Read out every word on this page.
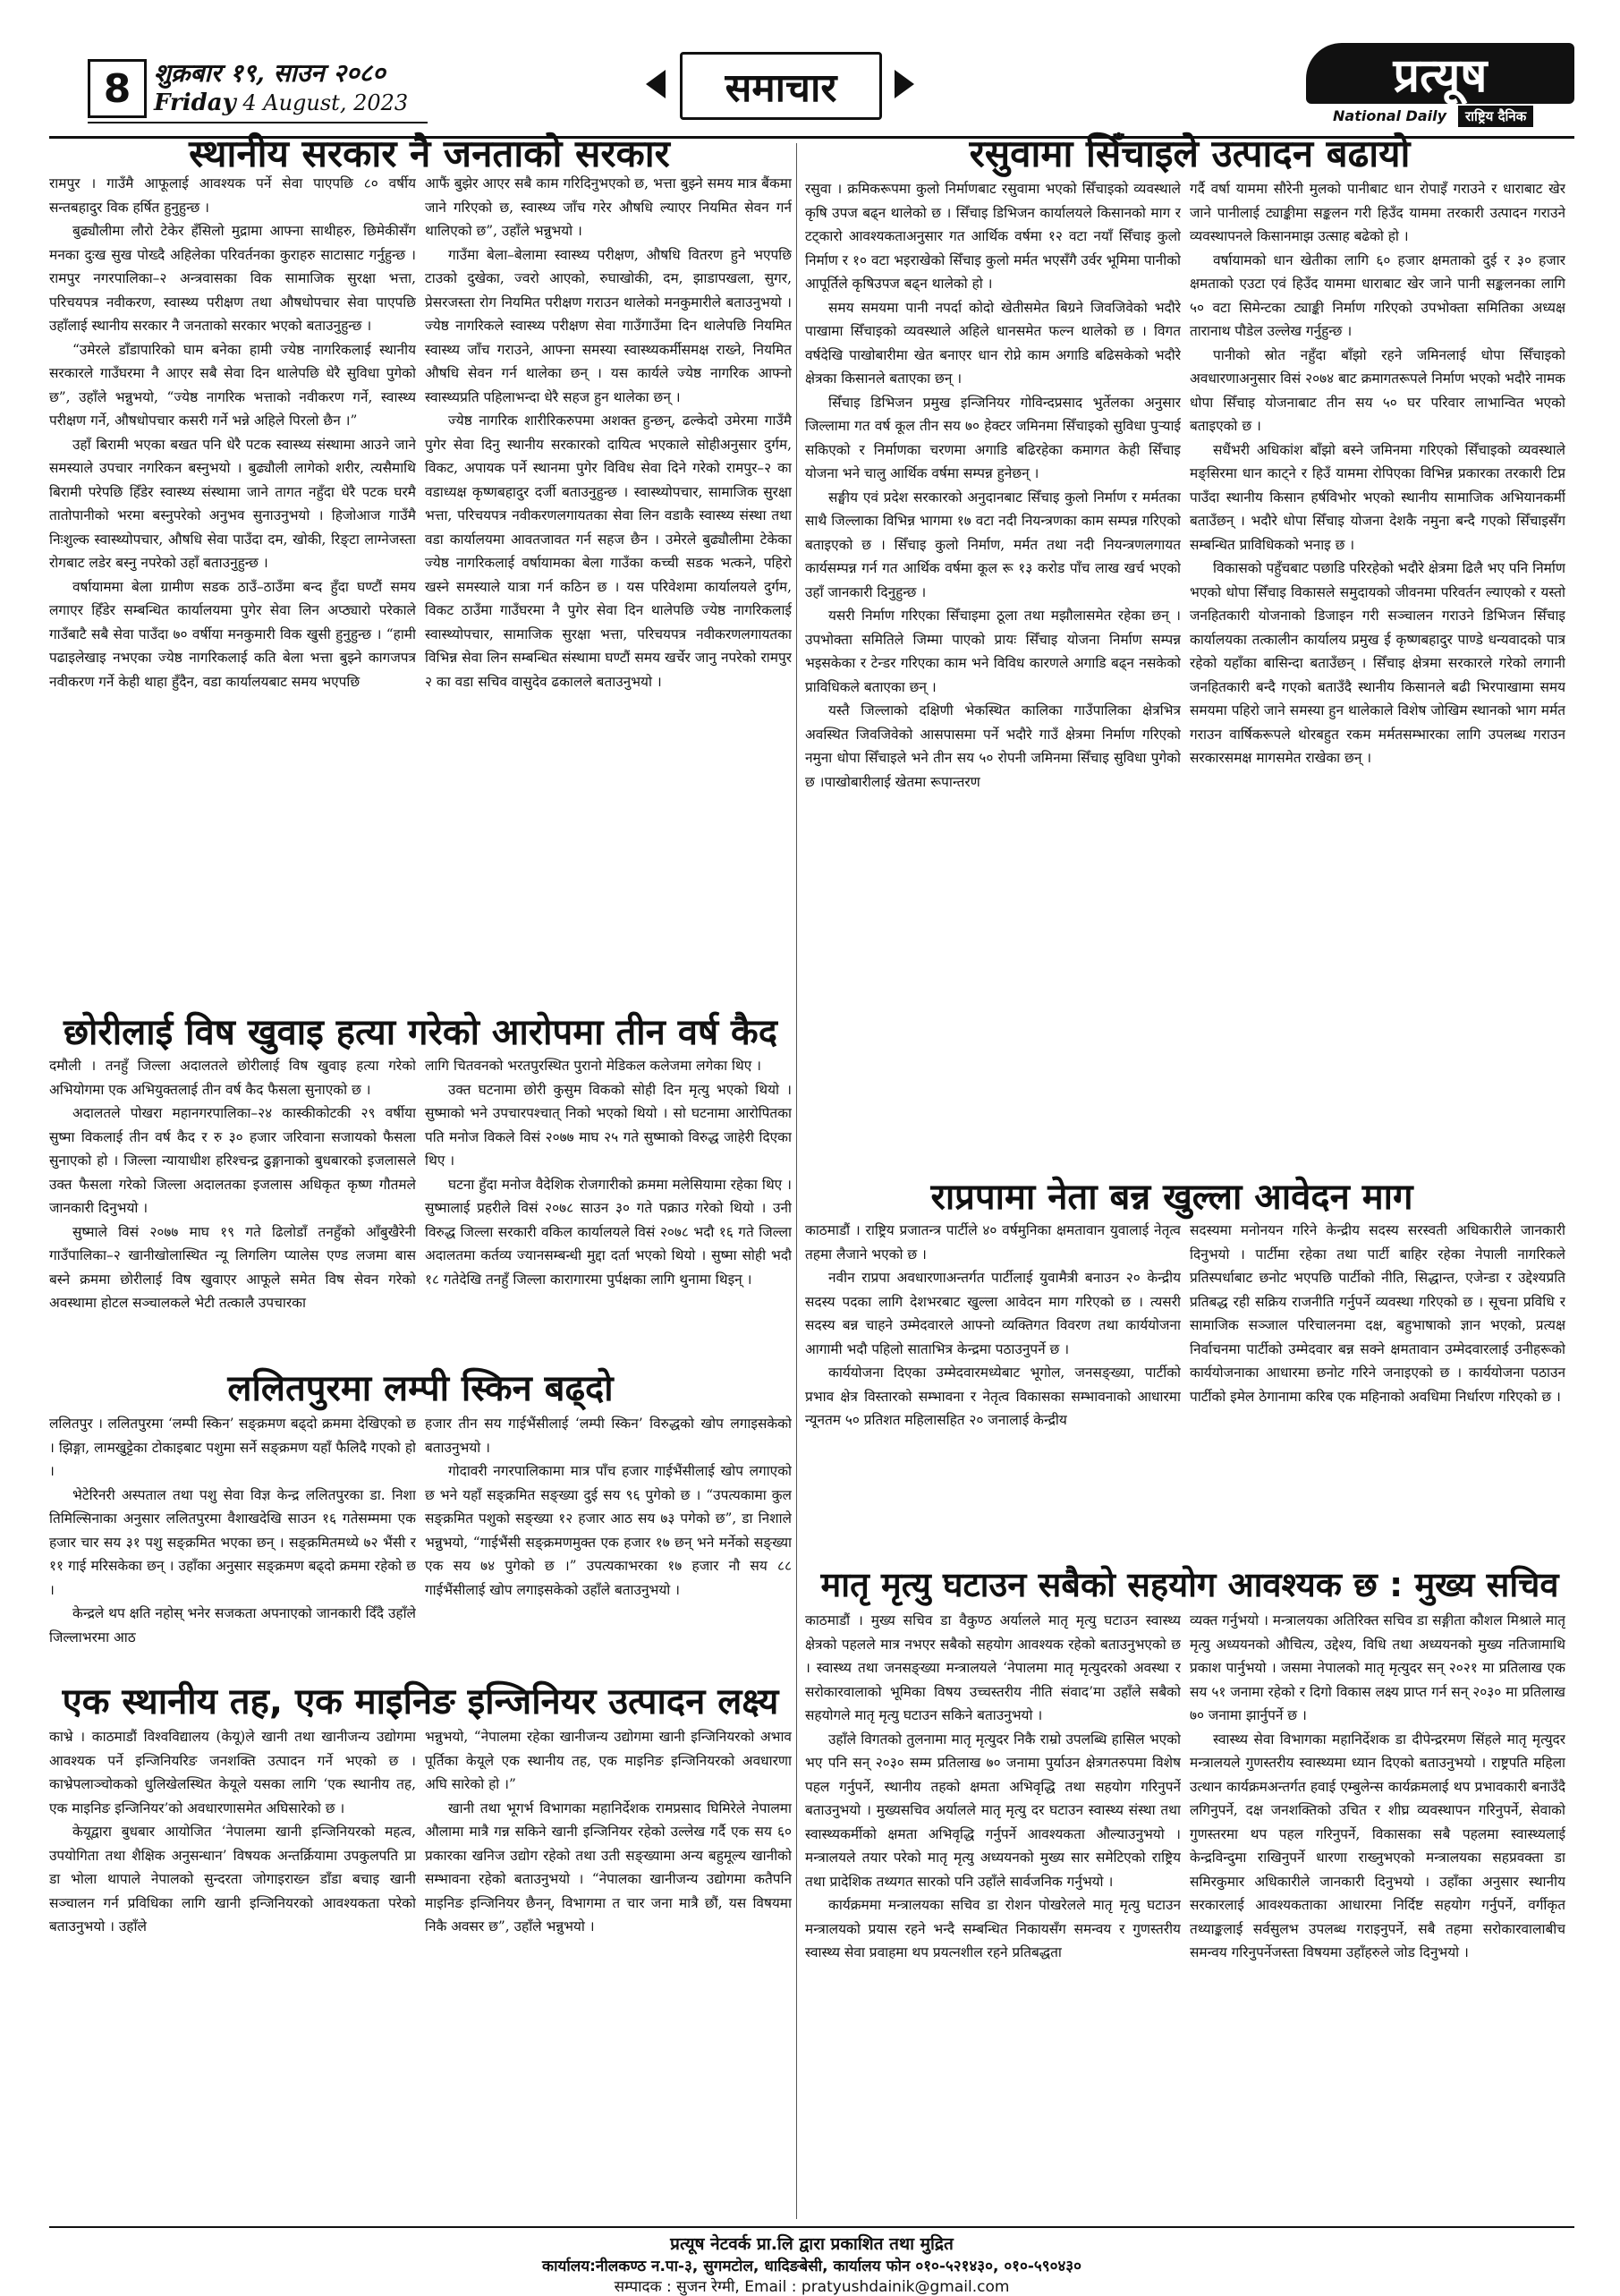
8 शुक्रबार १९, साउन २०८०
Friday 4 August, 2023	समाचार	प्रत्यूष
National Daily	राष्ट्रिय दैनिक
स्थानीय सरकार नै जनताको सरकार

रामपुर । गाउँमै आफूलाई आवश्यक पर्ने सेवा पाएपछि ८० वर्षीय सन्तबहादुर विक हर्षित हुनुहुन्छ ।

बुढ्यौलीमा लौरो टेकेर हँसिलो मुद्रामा आफ्ना साथीहरु, छिमेकीसँग मनका दुःख सुख पोख्दै अहिलेका परिवर्तनका कुराहरु साटासाट गर्नुहुन्छ । रामपुर नगरपालिका–२ अन्त्रवासका विक सामाजिक सुरक्षा भत्ता, परिचयपत्र नवीकरण, स्वास्थ्य परीक्षण तथा औषधोपचार सेवा पाएपछि उहाँलाई स्थानीय सरकार नै जनताको सरकार भएको बताउनुहुन्छ ।

“उमेरले डाँडापारिको घाम बनेका हामी ज्येष्ठ नागरिकलाई स्थानीय सरकारले गाउँघरमा नै आएर सबै सेवा दिन थालेपछि धेरै सुविधा पुगेको छ”, उहाँले भन्नुभयो, “ज्येष्ठ नागरिक भत्ताको नवीकरण गर्ने, स्वास्थ्य परीक्षण गर्ने, औषधोपचार कसरी गर्ने भन्ने अहिले पिरलो छैन ।”

उहाँ बिरामी भएका बखत पनि धेरै पटक स्वास्थ्य संस्थामा आउने जाने समस्याले उपचार नगरिकन बस्नुभयो । बुढ्यौली लागेको शरीर, त्यसैमाथि बिरामी परेपछि हिँडेर स्वास्थ्य संस्थामा जाने तागत नहुँदा धेरै पटक घरमै तातोपानीको भरमा बस्नुपरेको अनुभव सुनाउनुभयो । हिजोआज गाउँमै निःशुल्क स्वास्थ्योपचार, औषधि सेवा पाउँदा दम, खोकी, रिङ्टा लाग्नेजस्ता रोगबाट लडेर बस्नु नपरेको उहाँ बताउनुहुन्छ ।

वर्षायाममा बेला ग्रामीण सडक ठाउँ–ठाउँमा बन्द हुँदा घण्टौं समय लगाएर हिँडेर सम्बन्धित कार्यालयमा पुगेर सेवा लिन अप्ठ्यारो परेकाले गाउँबाटै सबै सेवा पाउँदा ७० वर्षीया मनकुमारी विक खुसी हुनुहुन्छ । “हामी पढाइलेखाइ नभएका ज्येष्ठ नागरिकलाई कति बेला भत्ता बुझ्ने कागजपत्र नवीकरण गर्ने केही थाहा हुँदैन, वडा कार्यालयबाट समय भएपछि

आफैं बुझेर आएर सबै काम गरिदिनुभएको छ, भत्ता बुझ्ने समय मात्र बैंकमा जाने गरिएको छ, स्वास्थ्य जाँच गरेर औषधि ल्याएर नियमित सेवन गर्न थालिएको छ”, उहाँले भन्नुभयो ।

गाउँमा बेला–बेलामा स्वास्थ्य परीक्षण, औषधि वितरण हुने भएपछि टाउको दुखेका, ज्वरो आएको, रुघाखोकी, दम, झाडापखला, सुगर, प्रेसरजस्ता रोग नियमित परीक्षण गराउन थालेको मनकुमारीले बताउनुभयो । ज्येष्ठ नागरिकले स्वास्थ्य परीक्षण सेवा गाउँगाउँमा दिन थालेपछि नियमित स्वास्थ्य जाँच गराउने, आफ्ना समस्या स्वास्थ्यकर्मीसमक्ष राख्ने, नियमित औषधि सेवन गर्न थालेका छन् । यस कार्यले ज्येष्ठ नागरिक आफ्नो स्वास्थ्यप्रति पहिलाभन्दा धेरै सहज हुन थालेका छन् ।

ज्येष्ठ नागरिक शारीरिकरुपमा अशक्त हुन्छन्, ढल्केदो उमेरमा गाउँमै पुगेर सेवा दिनु स्थानीय सरकारको दायित्व भएकाले सोहीअनुसार दुर्गम, विकट, अपायक पर्ने स्थानमा पुगेर विविध सेवा दिने गरेको रामपुर–२ का वडाध्यक्ष कृष्णबहादुर दर्जी बताउनुहुन्छ । स्वास्थ्योपचार, सामाजिक सुरक्षा भत्ता, परिचयपत्र नवीकरणलगायतका सेवा लिन वडाकै स्वास्थ्य संस्था तथा वडा कार्यालयमा आवतजावत गर्न सहज छैन । उमेरले बुढ्यौलीमा टेकेका ज्येष्ठ नागरिकलाई वर्षायामका बेला गाउँका कच्ची सडक भत्कने, पहिरो खस्ने समस्याले यात्रा गर्न कठिन छ । यस परिवेशमा कार्यालयले दुर्गम, विकट ठाउँमा गाउँघरमा नै पुगेर सेवा दिन थालेपछि ज्येष्ठ नागरिकलाई स्वास्थ्योपचार, सामाजिक सुरक्षा भत्ता, परिचयपत्र नवीकरणलगायतका विभिन्न सेवा लिन सम्बन्धित संस्थामा घण्टौं समय खर्चेर जानु नपरेको रामपुर २ का वडा सचिव वासुदेव ढकालले बताउनुभयो ।

छोरीलाई विष खुवाइ हत्या गरेको आरोपमा तीन वर्ष कैद

दमौली । तनहुँ जिल्ला अदालतले छोरीलाई विष खुवाइ हत्या गरेको अभियोगमा एक अभियुक्तलाई तीन वर्ष कैद फैसला सुनाएको छ ।

अदालतले पोखरा महानगरपालिका–२४ कास्कीकोटकी २९ वर्षीया सुष्मा विकलाई तीन वर्ष कैद र रु ३० हजार जरिवाना सजायको फैसला सुनाएको हो । जिल्ला न्यायाधीश हरिश्चन्द्र ढुङ्गानाको बुधबारको इजलासले उक्त फैसला गरेको जिल्ला अदालतका इजलास अधिकृत कृष्ण गौतमले जानकारी दिनुभयो ।

सुष्माले विसं २०७७ माघ १९ गते ढिलोडाँ तनहुँको आँबुखैरेनी गाउँपालिका–२ खानीखोलास्थित न्यू लिगलिग प्यालेस एण्ड लजमा बास बस्ने क्रममा छोरीलाई विष खुवाएर आफूले समेत विष सेवन गरेको अवस्थामा होटल सञ्चालकले भेटी तत्कालै उपचारका

लागि चितवनको भरतपुरस्थित पुरानो मेडिकल कलेजमा लगेका थिए ।

उक्त घटनामा छोरी कुसुम विकको सोही दिन मृत्यु भएको थियो । सुष्माको भने उपचारपश्चात् निको भएको थियो । सो घटनामा आरोपितका पति मनोज विकले विसं २०७७ माघ २५ गते सुष्माको विरुद्ध जाहेरी दिएका थिए ।

घटना हुँदा मनोज वैदेशिक रोजगारीको क्रममा मलेसियामा रहेका थिए । सुष्मालाई प्रहरीले विसं २०७८ साउन ३० गते पक्राउ गरेको थियो । उनी विरुद्ध जिल्ला सरकारी वकिल कार्यालयले विसं २०७८ भदौ १६ गते जिल्ला अदालतमा कर्तव्य ज्यानसम्बन्धी मुद्दा दर्ता भएको थियो । सुष्मा सोही भदौ १८ गतेदेखि तनहुँ जिल्ला कारागारमा पुर्पक्षका लागि थुनामा थिइन् ।

ललितपुरमा लम्पी स्किन बढ्दो

ललितपुर । ललितपुरमा ‘लम्पी स्किन’ सङ्क्रमण बढ्दो क्रममा देखिएको छ । झिङ्गा, लामखुट्टेका टोकाइबाट पशुमा सर्ने सङ्क्रमण यहाँ फैलिदै गएको हो ।

भेटेरिनरी अस्पताल तथा पशु सेवा विज्ञ केन्द्र ललितपुरका डा. निशा तिमिल्सिनाका अनुसार ललितपुरमा वैशाखदेखि साउन १६ गतेसम्ममा एक हजार चार सय ३१ पशु सङ्क्रमित भएका छन् । सङ्क्रमितमध्ये ७२ भैंसी र ११ गाई मरिसकेका छन् । उहाँका अनुसार सङ्क्रमण बढ्दो क्रममा रहेको छ ।

केन्द्रले थप क्षति नहोस् भनेर सजकता अपनाएको जानकारी दिँदै उहाँले जिल्लाभरमा आठ

हजार तीन सय गाईभैंसीलाई ‘लम्पी स्किन’ विरुद्धको खोप लगाइसकेको बताउनुभयो ।

गोदावरी नगरपालिकामा मात्र पाँच हजार गाईभैंसीलाई खोप लगाएको छ भने यहाँ सङ्क्रमित सङ्ख्या दुई सय ९६ पुगेको छ । “उपत्यकामा कुल सङ्क्रमित पशुको सङ्ख्या १२ हजार आठ सय ७३ पगेको छ”, डा निशाले भन्नुभयो, “गाईभैंसी सङ्क्रमणमुक्त एक हजार १७ छन् भने मर्नेको सङ्ख्या एक सय ७४ पुगेको छ ।” उपत्यकाभरका १७ हजार नौ सय ८८ गाईभैंसीलाई खोप लगाइसकेको उहाँले बताउनुभयो ।

एक स्थानीय तह, एक माइनिङ इन्जिनियर उत्पादन लक्ष्य

काभ्रे । काठमाडौं विश्वविद्यालय (केयू)ले खानी तथा खानीजन्य उद्योगमा आवश्यक पर्ने इन्जिनियरिङ जनशक्ति उत्पादन गर्ने भएको छ । काभ्रेपलाञ्चोकको धुलिखेलस्थित केयूले यसका लागि ‘एक स्थानीय तह, एक माइनिङ इन्जिनियर’को अवधारणासमेत अघिसारेको छ ।

केयूद्वारा बुधबार आयोजित ‘नेपालमा खानी इन्जिनियरको महत्व, उपयोगिता तथा शैक्षिक अनुसन्धान’ विषयक अन्तर्क्रियामा उपकुलपति प्रा डा भोला थापाले नेपालको सुन्दरता जोगाइराख्न डाँडा बचाइ खानी सञ्चालन गर्न प्रविधिका लागि खानी इन्जिनियरको आवश्यकता परेको बताउनुभयो । उहाँले

भन्नुभयो, “नेपालमा रहेका खानीजन्य उद्योगमा खानी इन्जिनियरको अभाव पूर्तिका केयूले एक स्थानीय तह, एक माइनिङ इन्जिनियरको अवधारणा अघि सारेको हो ।”

खानी तथा भूगर्भ विभागका महानिर्देशक रामप्रसाद घिमिरेले नेपालमा औलामा मात्रै गन्न सकिने खानी इन्जिनियर रहेको उल्लेख गर्दै एक सय ६० प्रकारका खनिज उद्योग रहेको तथा उती सङ्ख्यामा अन्य बहुमूल्य खानीको सम्भावना रहेको बताउनुभयो । “नेपालका खानीजन्य उद्योगमा कतैपनि माइनिङ इन्जिनियर छैनन्, विभागमा त चार जना मात्रै छौं, यस विषयमा निकै अवसर छ”, उहाँले भन्नुभयो ।

रसुवामा सिँचाइले उत्पादन बढायो

रसुवा । क्रमिकरूपमा कुलो निर्माणबाट रसुवामा भएको सिँचाइको व्यवस्थाले कृषि उपज बढ्न थालेको छ । सिँचाइ डिभिजन कार्यालयले किसानको माग र टट्कारो आवश्यकताअनुसार गत आर्थिक वर्षमा १२ वटा नयाँ सिँचाइ कुलो निर्माण र १० वटा भइराखेको सिँचाइ कुलो मर्मत भएसँगै उर्वर भूमिमा पानीको आपूर्तिले कृषिउपज बढ्न थालेको हो ।

समय समयमा पानी नपर्दा कोदो खेतीसमेत बिग्रने जिवजिवेको भदौरे पाखामा सिँचाइको व्यवस्थाले अहिले धानसमेत फल्न थालेको छ । विगत वर्षदेखि पाखोबारीमा खेत बनाएर धान रोप्ने काम अगाडि बढिसकेको भदौरे क्षेत्रका किसानले बताएका छन् ।

सिँचाइ डिभिजन प्रमुख इन्जिनियर गोविन्दप्रसाद भुर्तेलका अनुसार जिल्लामा गत वर्ष कूल तीन सय ७० हेक्टर जमिनमा सिँचाइको सुविधा पुऱ्याई सकिएको र निर्माणका चरणमा अगाडि बढिरहेका कमागत केही सिँचाइ योजना भने चालु आर्थिक वर्षमा सम्पन्न हुनेछन् ।

सङ्घीय एवं प्रदेश सरकारको अनुदानबाट सिँचाइ कुलो निर्माण र मर्मतका साथै जिल्लाका विभिन्न भागमा १७ वटा नदी नियन्त्रणका काम सम्पन्न गरिएको बताइएको छ । सिँचाइ कुलो निर्माण, मर्मत तथा नदी नियन्त्रणलगायत कार्यसम्पन्न गर्न गत आर्थिक वर्षमा कूल रू १३ करोड पाँच लाख खर्च भएको उहाँ जानकारी दिनुहुन्छ ।

यसरी निर्माण गरिएका सिँचाइमा ठूला तथा मझौलासमेत रहेका छन् । उपभोक्ता समितिले जिम्मा पाएको प्रायः सिँचाइ योजना निर्माण सम्पन्न भइसकेका र टेन्डर गरिएका काम भने विविध कारणले अगाडि बढ्न नसकेको प्राविधिकले बताएका छन् ।

यस्तै जिल्लाको दक्षिणी भेकस्थित कालिका गाउँपालिका क्षेत्रभित्र अवस्थित जिवजिवेको आसपासमा पर्ने भदौरे गाउँ क्षेत्रमा निर्माण गरिएको नमुना धोपा सिँचाइले भने तीन सय ५० रोपनी जमिनमा सिँचाइ सुविधा पुगेको छ ।पाखोबारीलाई खेतमा रूपान्तरण

गर्दै वर्षा याममा सौरेनी मुलको पानीबाट धान रोपाइँ गराउने र धाराबाट खेर जाने पानीलाई ट्याङ्कीमा सङ्कलन गरी हिउँद याममा तरकारी उत्पादन गराउने व्यवस्थापनले किसानमाझ उत्साह बढेको हो ।

वर्षायामको धान खेतीका लागि ६० हजार क्षमताको दुई र ३० हजार क्षमताको एउटा एवं हिउँद याममा धाराबाट खेर जाने पानी सङ्कलनका लागि ५० वटा सिमेन्टका ट्याङ्की निर्माण गरिएको उपभोक्ता समितिका अध्यक्ष तारानाथ पौडेल उल्लेख गर्नुहुन्छ ।

पानीको स्रोत नहुँदा बाँझो रहने जमिनलाई धोपा सिँचाइको अवधारणाअनुसार विसं २०७४ बाट क्रमागतरूपले निर्माण भएको भदौरे नामक धोपा सिँचाइ योजनाबाट तीन सय ५० घर परिवार लाभान्वित भएको बताइएको छ ।

सधैंभरी अधिकांश बाँझो बस्ने जमिनमा गरिएको सिँचाइको व्यवस्थाले मङ्सिरमा धान काट्ने र हिउँ याममा रोपिएका विभिन्न प्रकारका तरकारी टिप्न पाउँदा स्थानीय किसान हर्षविभोर भएको स्थानीय सामाजिक अभियानकर्मी बताउँछन् । भदौरे धोपा सिँचाइ योजना देशकै नमुना बन्दै गएको सिँचाइसँग सम्बन्धित प्राविधिकको भनाइ छ ।

विकासको पहुँचबाट पछाडि परिरहेको भदौरे क्षेत्रमा ढिलै भए पनि निर्माण भएको धोपा सिँचाइ विकासले समुदायको जीवनमा परिवर्तन ल्याएको र यस्तो जनहितकारी योजनाको डिजाइन गरी सञ्चालन गराउने डिभिजन सिँचाइ कार्यालयका तत्कालीन कार्यालय प्रमुख ई कृष्णबहादुर पाण्डे धन्यवादको पात्र रहेको यहाँका बासिन्दा बताउँछन् । सिँचाइ क्षेत्रमा सरकारले गरेको लगानी जनहितकारी बन्दै गएको बताउँदै स्थानीय किसानले बढी भिरपाखामा समय समयमा पहिरो जाने समस्या हुन थालेकाले विशेष जोखिम स्थानको भाग मर्मत गराउन वार्षिकरूपले थोरबहुत रकम मर्मतसम्भारका लागि उपलब्ध गराउन सरकारसमक्ष मागसमेत राखेका छन् ।

राप्रपामा नेता बन्न खुल्ला आवेदन माग

काठमाडौं । राष्ट्रिय प्रजातन्त्र पार्टीले ४० वर्षमुनिका क्षमतावान युवालाई नेतृत्व तहमा लैजाने भएको छ ।

नवीन राप्रपा अवधारणाअन्तर्गत पार्टीलाई युवामैत्री बनाउन २० केन्द्रीय सदस्य पदका लागि देशभरबाट खुल्ला आवेदन माग गरिएको छ । त्यसरी सदस्य बन्न चाहने उम्मेदवारले आफ्नो व्यक्तिगत विवरण तथा कार्ययोजना आगामी भदौ पहिलो साताभित्र केन्द्रमा पठाउनुपर्ने छ ।

कार्ययोजना दिएका उम्मेदवारमध्येबाट भूगोल, जनसङ्ख्या, पार्टीको प्रभाव क्षेत्र विस्तारको सम्भावना र नेतृत्व विकासका सम्भावनाको आधारमा न्यूनतम ५० प्रतिशत महिलासहित २० जनालाई केन्द्रीय

सदस्यमा मनोनयन गरिने केन्द्रीय सदस्य सरस्वती अधिकारीले जानकारी दिनुभयो । पार्टीमा रहेका तथा पार्टी बाहिर रहेका नेपाली नागरिकले प्रतिस्पर्धाबाट छनोट भएपछि पार्टीको नीति, सिद्धान्त, एजेन्डा र उद्देश्यप्रति प्रतिबद्ध रही सक्रिय राजनीति गर्नुपर्ने व्यवस्था गरिएको छ । सूचना प्रविधि र सामाजिक सञ्जाल परिचालनमा दक्ष, बहुभाषाको ज्ञान भएको, प्रत्यक्ष निर्वाचनमा पार्टीको उम्मेदवार बन्न सक्ने क्षमतावान उम्मेदवारलाई उनीहरूको कार्ययोजनाका आधारमा छनोट गरिने जनाइएको छ । कार्ययोजना पठाउन पार्टीको इमेल ठेगानामा करिब एक महिनाको अवधिमा निर्धारण गरिएको छ ।

मातृ मृत्यु घटाउन सबैको सहयोग आवश्यक छ : मुख्य सचिव

काठमाडौं । मुख्य सचिव डा वैकुण्ठ अर्यालले मातृ मृत्यु घटाउन स्वास्थ्य क्षेत्रको पहलले मात्र नभएर सबैको सहयोग आवश्यक रहेको बताउनुभएको छ । स्वास्थ्य तथा जनसङ्ख्या मन्त्रालयले ‘नेपालमा मातृ मृत्युदरको अवस्था र सरोकारवालाको भूमिका विषय उच्चस्तरीय नीति संवाद’मा उहाँले सबैको सहयोगले मातृ मृत्यु घटाउन सकिने बताउनुभयो ।

उहाँले विगतको तुलनामा मातृ मृत्युदर निकै राम्रो उपलब्धि हासिल भएको भए पनि सन् २०३० सम्म प्रतिलाख ७० जनामा पुर्याउन क्षेत्रगतरुपमा विशेष पहल गर्नुपर्ने, स्थानीय तहको क्षमता अभिवृद्धि तथा सहयोग गरिनुपर्ने बताउनुभयो । मुख्यसचिव अर्यालले मातृ मृत्यु दर घटाउन स्वास्थ्य संस्था तथा स्वास्थ्यकर्मीको क्षमता अभिवृद्धि गर्नुपर्ने आवश्यकता औल्याउनुभयो । मन्त्रालयले तयार परेको मातृ मृत्यु अध्ययनको मुख्य सार समेटिएको राष्ट्रिय तथा प्रादेशिक तथ्यगत सारको पनि उहाँले सार्वजनिक गर्नुभयो ।

कार्यक्रममा मन्त्रालयका सचिव डा रोशन पोखरेलले मातृ मृत्यु घटाउन मन्त्रालयको प्रयास रहने भन्दै सम्बन्धित निकायसँग समन्वय र गुणस्तरीय स्वास्थ्य सेवा प्रवाहमा थप प्रयत्नशील रहने प्रतिबद्धता

व्यक्त गर्नुभयो । मन्त्रालयका अतिरिक्त सचिव डा सङ्गीता कौशल मिश्राले मातृ मृत्यु अध्ययनको औचित्य, उद्देश्य, विधि तथा अध्ययनको मुख्य नतिजामाथि प्रकाश पार्नुभयो । जसमा नेपालको मातृ मृत्युदर सन् २०२१ मा प्रतिलाख एक सय ५१ जनामा रहेको र दिगो विकास लक्ष्य प्राप्त गर्न सन् २०३० मा प्रतिलाख ७० जनामा झार्नुपर्ने छ ।

स्वास्थ्य सेवा विभागका महानिर्देशक डा दीपेन्द्ररमण सिंहले मातृ मृत्युदर मन्त्रालयले गुणस्तरीय स्वास्थ्यमा ध्यान दिएको बताउनुभयो । राष्ट्रपति महिला उत्थान कार्यक्रमअन्तर्गत हवाई एम्बुलेन्स कार्यक्रमलाई थप प्रभावकारी बनाउँदै लगिनुपर्ने, दक्ष जनशक्तिको उचित र शीघ्र व्यवस्थापन गरिनुपर्ने, सेवाको गुणस्तरमा थप पहल गरिनुपर्ने, विकासका सबै पहलमा स्वास्थ्यलाई केन्द्रविन्दुमा राखिनुपर्ने धारणा राख्नुभएको मन्त्रालयका सहप्रवक्ता डा समिरकुमार अधिकारीले जानकारी दिनुभयो । उहाँका अनुसार स्थानीय सरकारलाई आवश्यकताका आधारमा निर्दिष्ट सहयोग गर्नुपर्ने, वर्गीकृत तथ्याङ्कलाई सर्वसुलभ उपलब्ध गराइनुपर्ने, सबै तहमा सरोकारवालाबीच समन्वय गरिनुपर्नेजस्ता विषयमा उहाँहरुले जोड दिनुभयो ।

प्रत्यूष नेटवर्क प्रा.लि द्वारा प्रकाशित तथा मुद्रित
कार्यालय:नीलकण्ठ न.पा-३, सुगमटोल, धादिङबेसी, कार्यालय फोन ०१०-५२१४३०, ०१०-५९०४३०
सम्पादक : सुजन रेग्मी, Email : pratyushdainik@gmail.com
